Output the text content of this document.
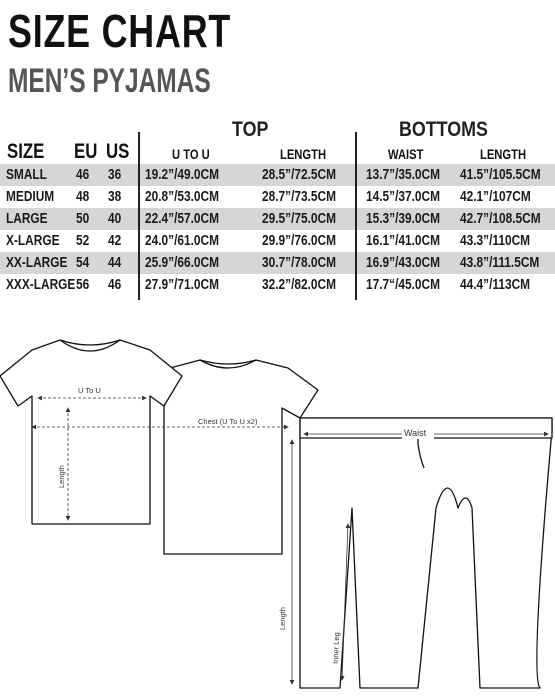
SIZE CHART
MEN’S PYJAMAS
TOP	BOTTOMS
SIZE EU US	U TO U	LENGTH	WAIST	LENGTH
SMALL 46 36 19.2”/49.0CM	28.5”/72.5CM 13.7”/35.0CM 41.5”/105.5CM
MEDIUM 48 38 20.8”/53.0CM	28.7”/73.5CM 14.5”/37.0CM 42.1”/107CM
LARGE 50 40 22.4”/57.0CM	29.5”/75.0CM 15.3”/39.0CM 42.7”/108.5CM
X-LARGE 52 42 24.0”/61.0CM	29.9”/76.0CM 16.1”/41.0CM 43.3”/110CM
XX-LARGE 54 44 25.9”/66.0CM	30.7”/78.0CM 16.9”/43.0CM 43.8”/111.5CM
XXX-LARGE 56 46 27.9”/71.0CM	32.2”/82.0CM 17.7“/45.0CM 44.4”/113CM
U To U
Chest (U To U x2)
Length
Waist
Length
Inner Leg
